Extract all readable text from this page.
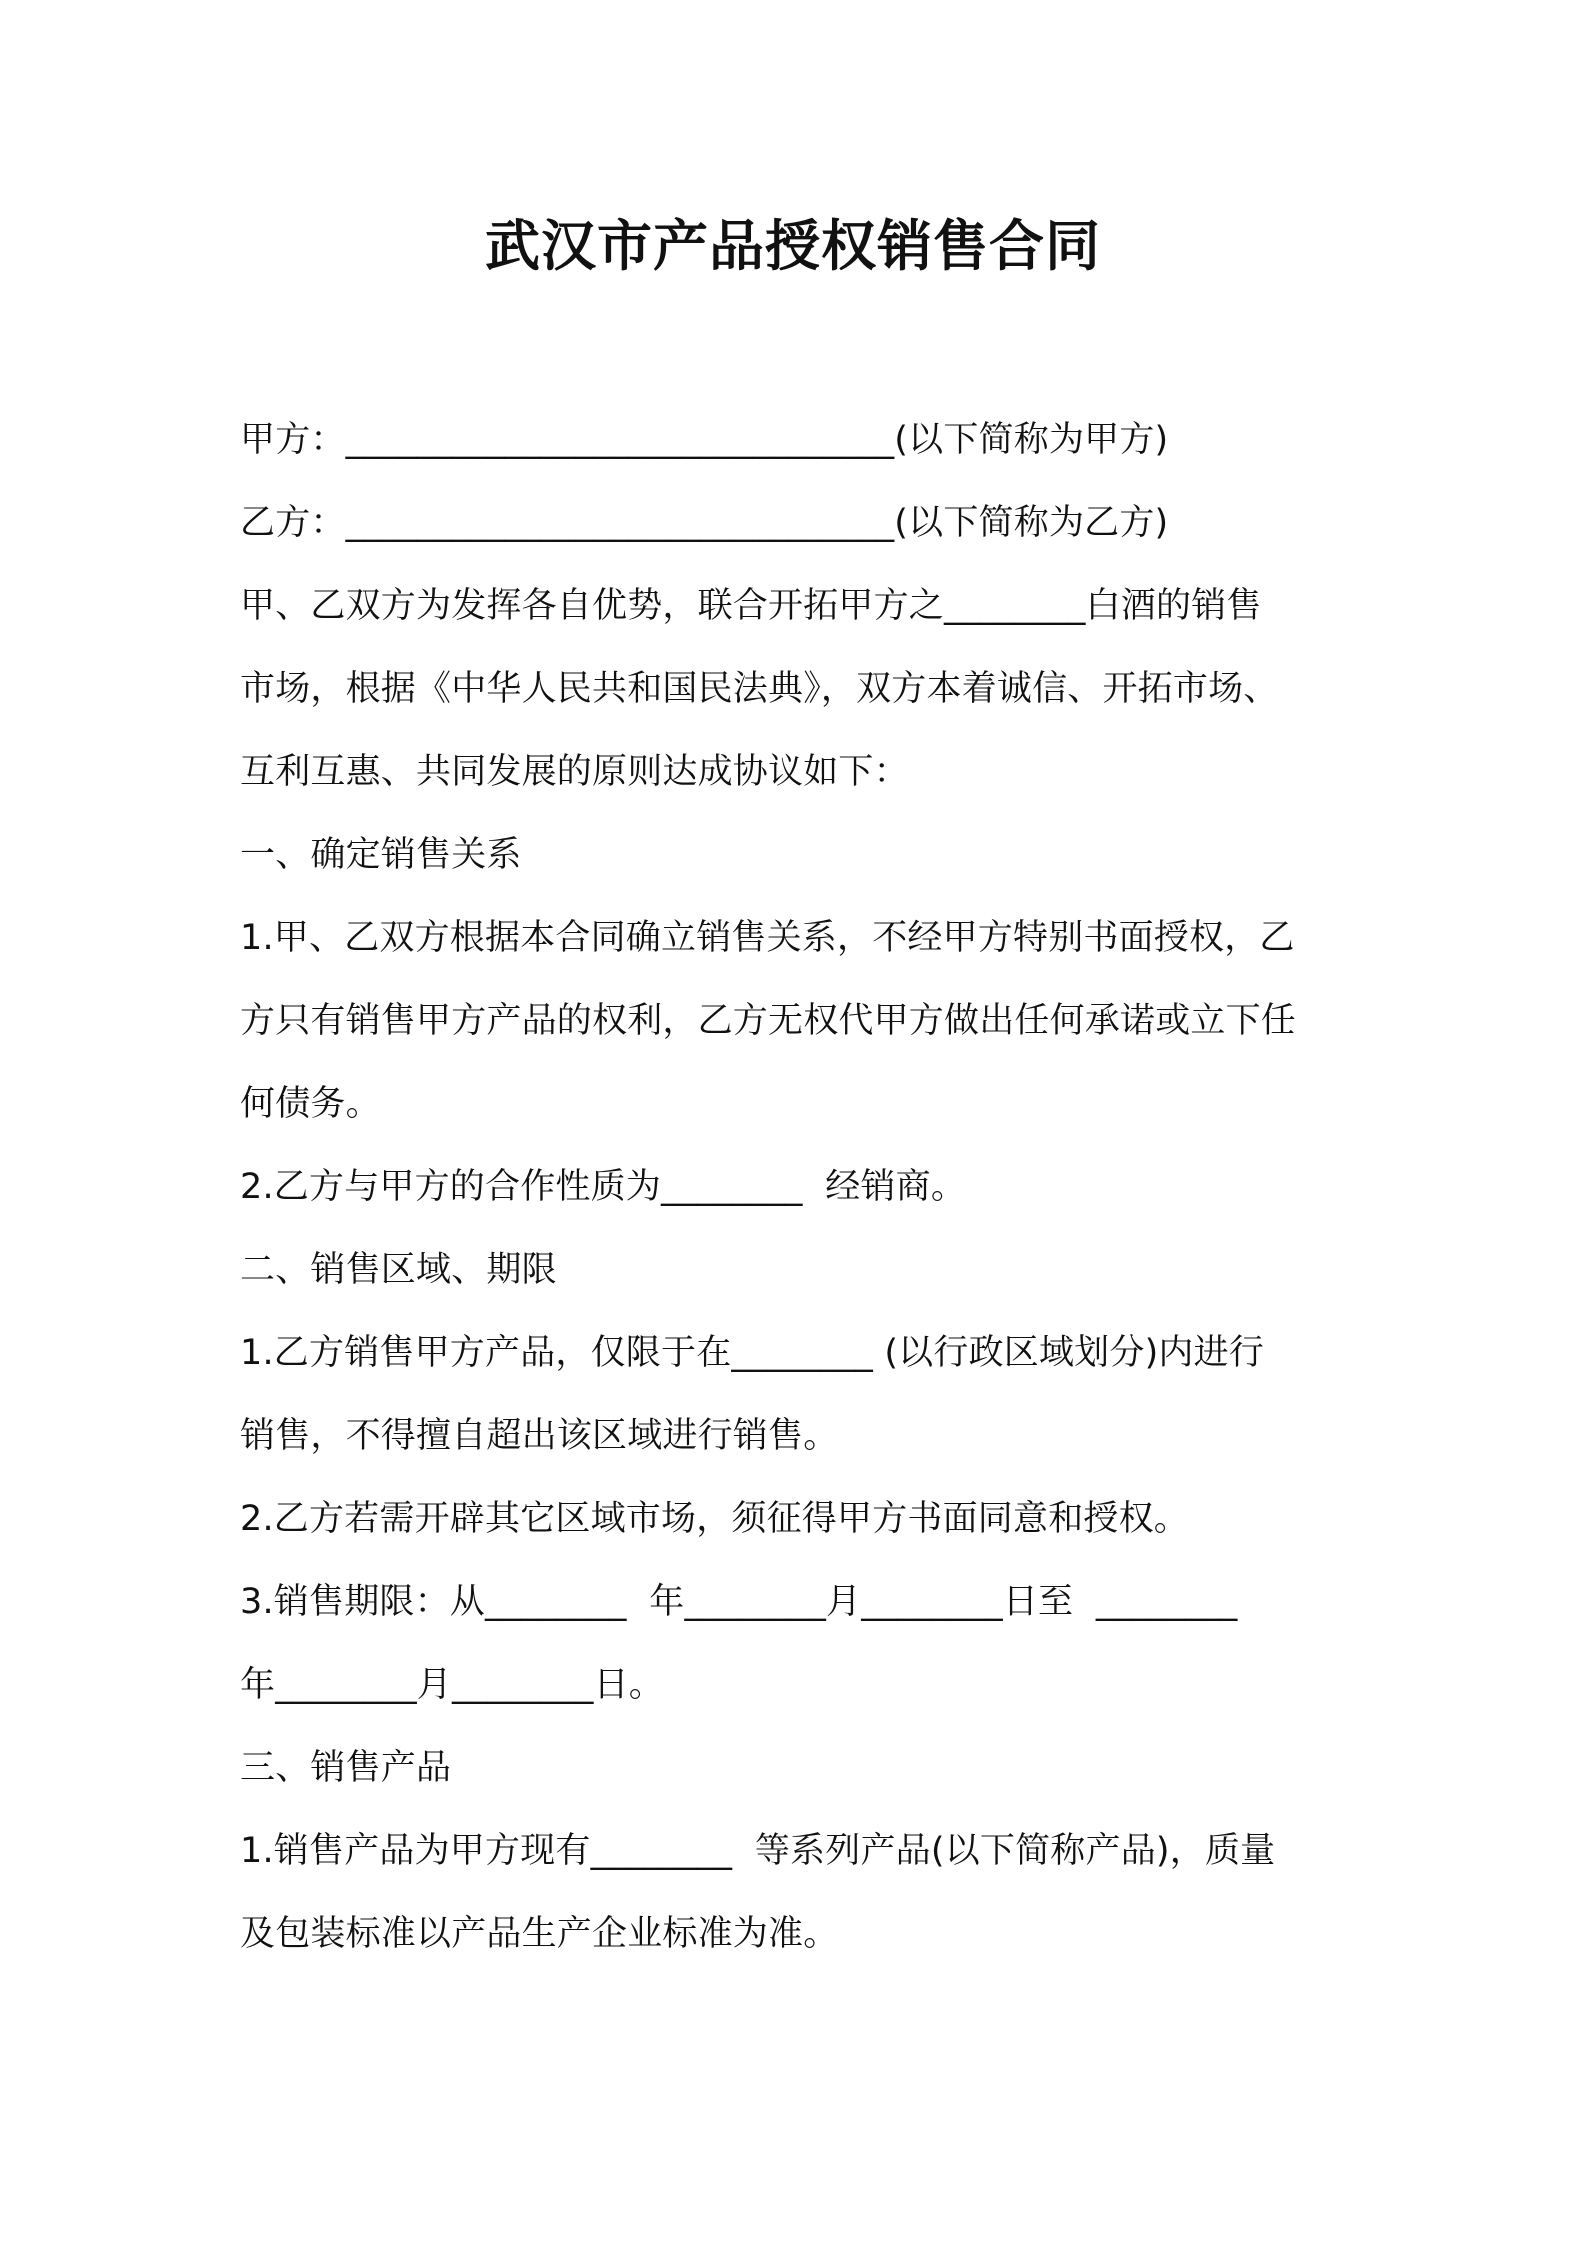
武汉市产品授权销售合同
甲方：_______________________________(以下简称为甲方)
乙方：_______________________________(以下简称为乙方)
甲、乙双方为发挥各自优势，联合开拓甲方之________白酒的销售
市场，根据《中华人民共和国民法典》，双方本着诚信、开拓市场、
互利互惠、共同发展的原则达成协议如下：
一、确定销售关系
1.甲、乙双方根据本合同确立销售关系，不经甲方特别书面授权，乙
方只有销售甲方产品的权利，乙方无权代甲方做出任何承诺或立下任
何债务。
2.乙方与甲方的合作性质为________  经销商。
二、销售区域、期限
1.乙方销售甲方产品，仅限于在________ (以行政区域划分)内进行
销售，不得擅自超出该区域进行销售。
2.乙方若需开辟其它区域市场，须征得甲方书面同意和授权。
3.销售期限：从________  年________月________日至  ________
年________月________日。
三、销售产品
1.销售产品为甲方现有________  等系列产品(以下简称产品)，质量
及包装标准以产品生产企业标准为准。
